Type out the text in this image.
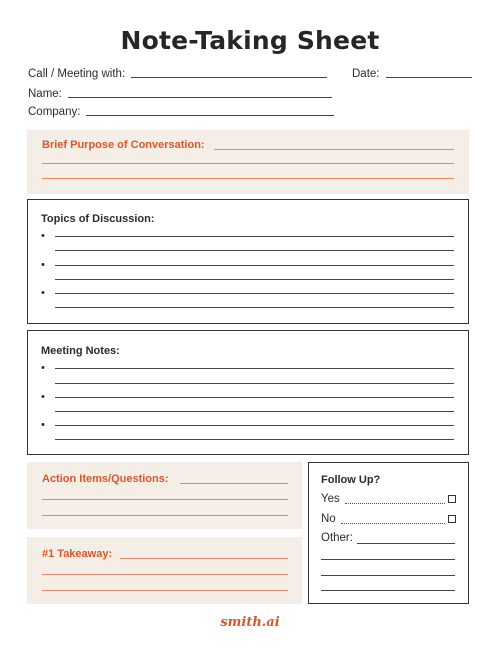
Note-Taking Sheet
Call / Meeting with:	Date:
Name:
Company:
Brief Purpose of Conversation:
Topics of Discussion:
•
•
•
Meeting Notes:
•
•
•
Action Items/Questions:
#1 Takeaway:
Follow Up?
Yes
No
Other:
smith.ai
